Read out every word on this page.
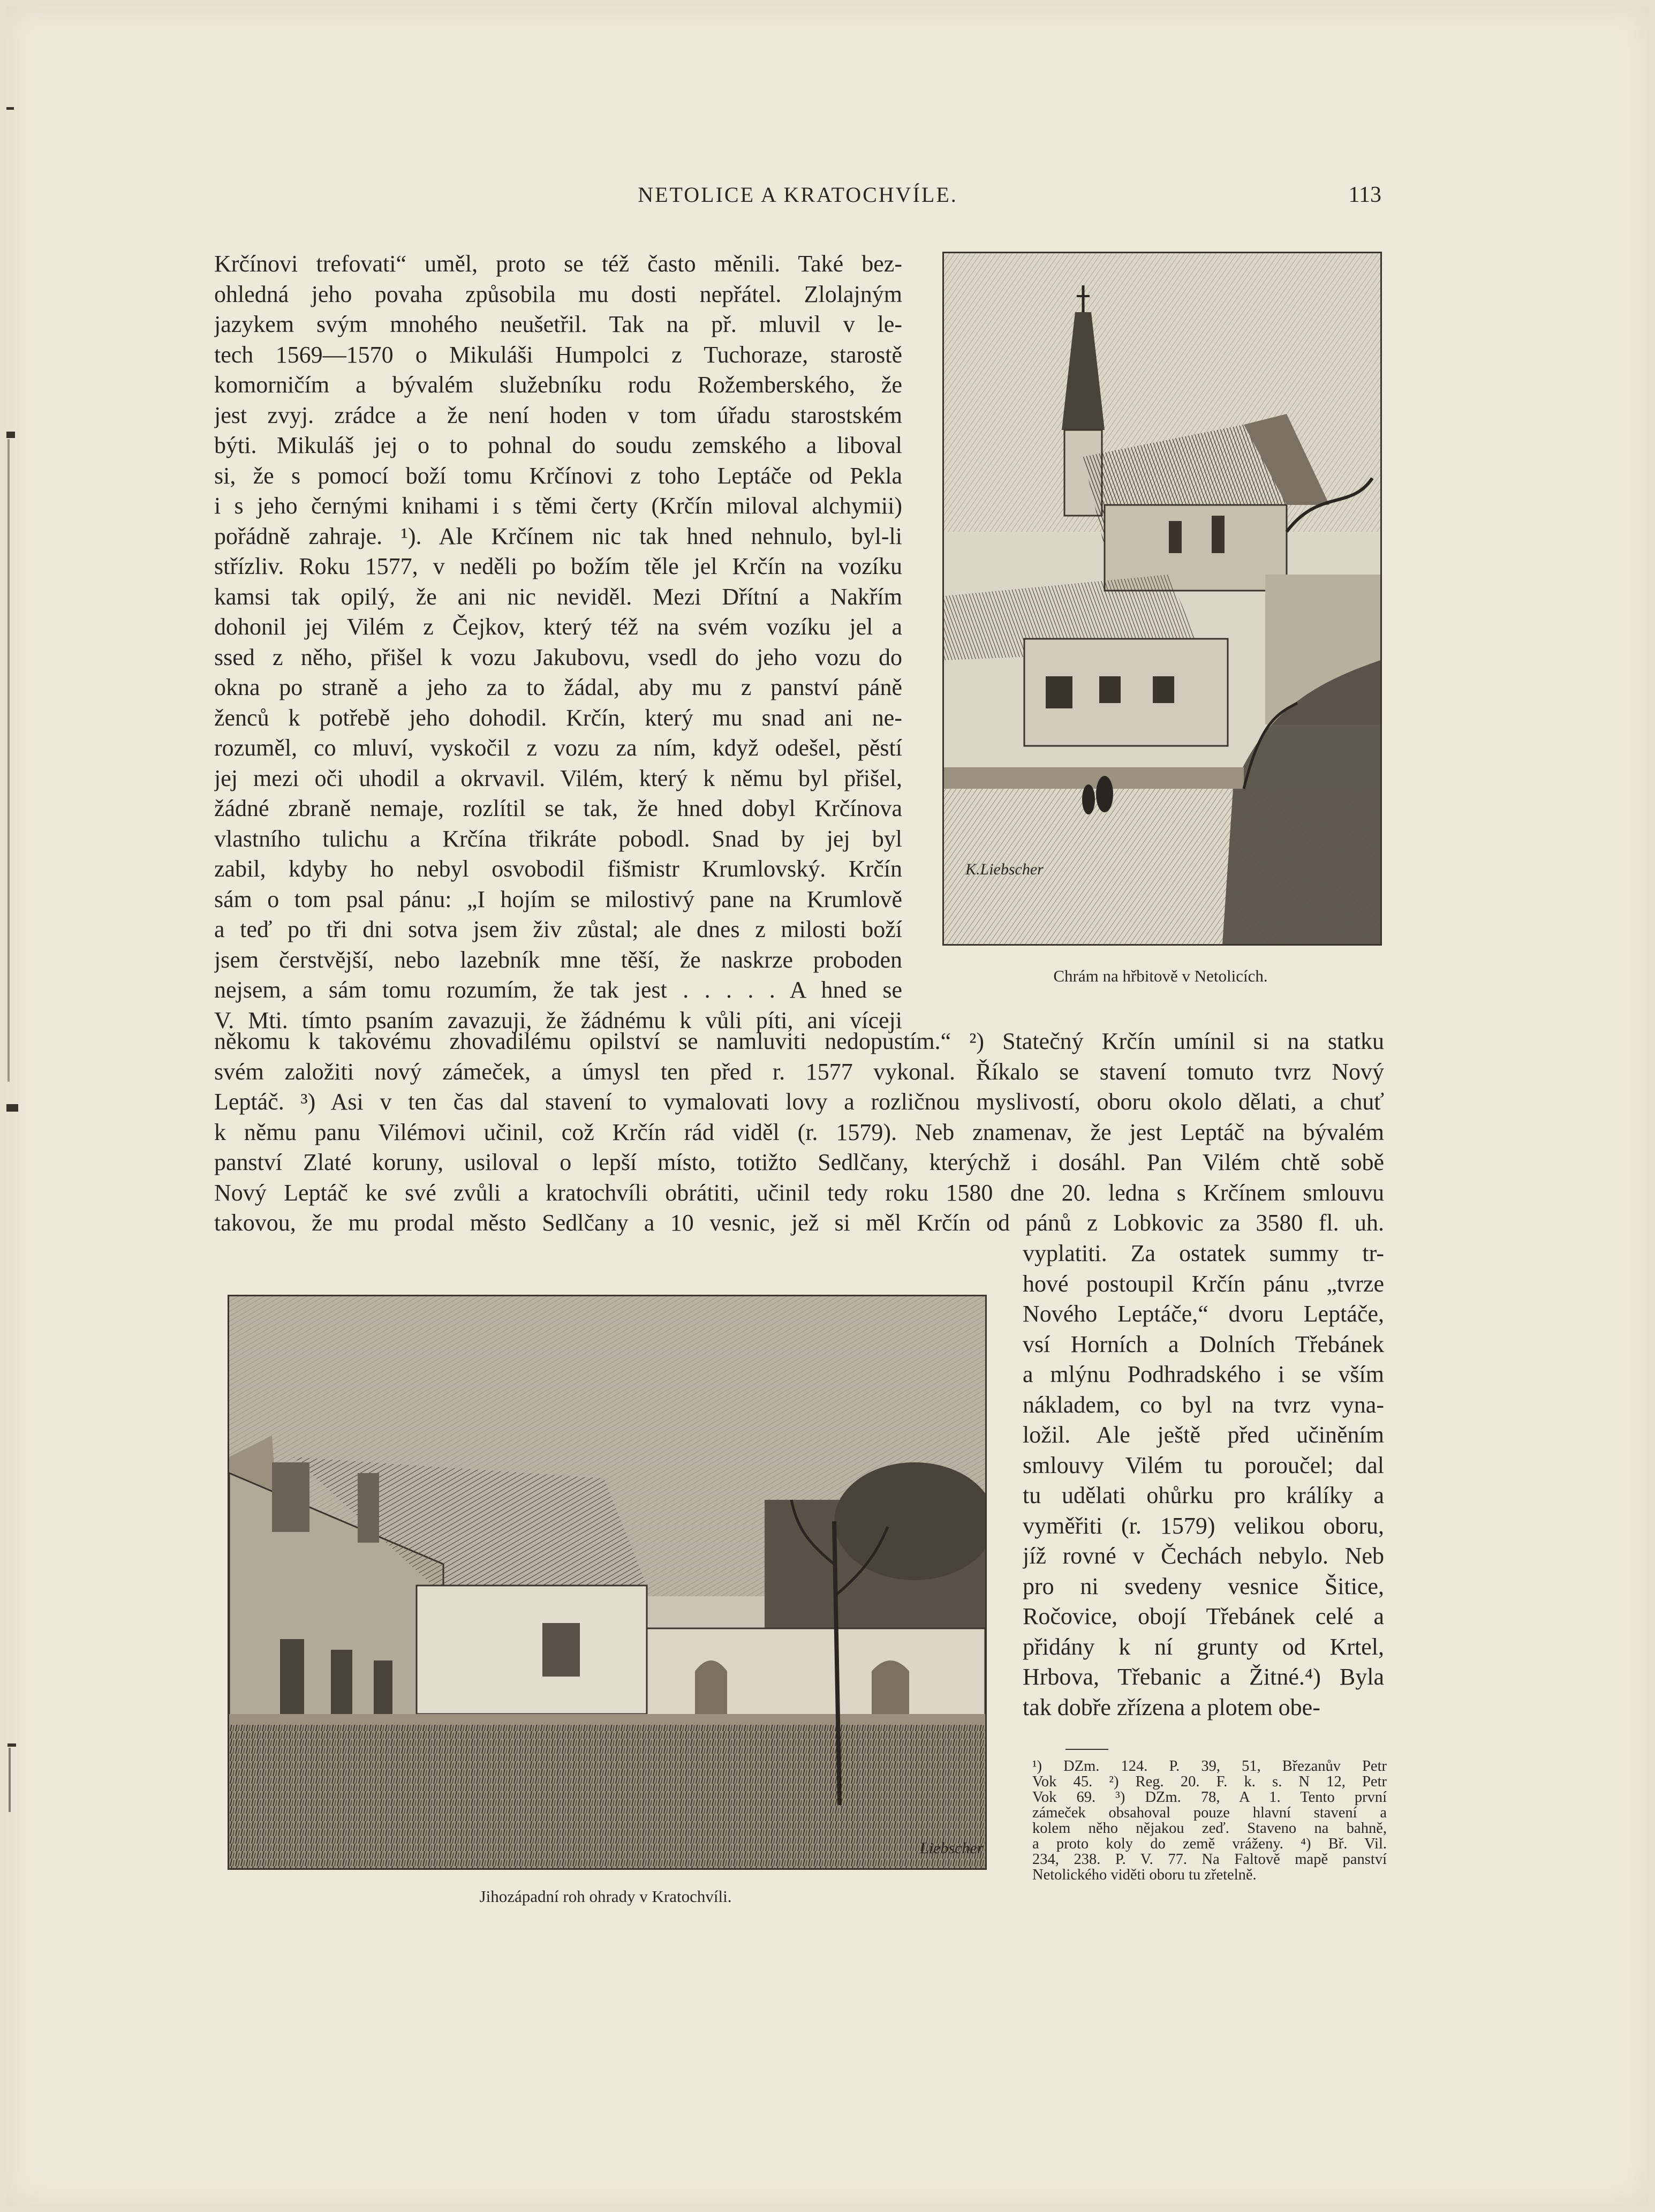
NETOLICE A KRATOCHVÍLE.	113
Krčínovi trefovati“ uměl, proto se též často měnili. Také bez-
ohledná jeho povaha způsobila mu dosti nepřátel. Zlolajným
jazykem svým mnohého neušetřil. Tak na př. mluvil v le-
tech 1569—1570 o Mikuláši Humpolci z Tuchoraze, starostě
komorničím a bývalém služebníku rodu Rožemberského, že
jest zvyj. zrádce a že není hoden v tom úřadu starostském
býti. Mikuláš jej o to pohnal do soudu zemského a liboval
si, že s pomocí boží tomu Krčínovi z toho Leptáče od Pekla
i s jeho černými knihami i s těmi čerty (Krčín miloval alchymii)
pořádně zahraje. ¹). Ale Krčínem nic tak hned nehnulo, byl-li
střízliv. Roku 1577, v neděli po božím těle jel Krčín na vozíku
kamsi tak opilý, že ani nic neviděl. Mezi Dřítní a Nakřím
dohonil jej Vilém z Čejkov, který též na svém vozíku jel a
ssed z něho, přišel k vozu Jakubovu, vsedl do jeho vozu do
okna po straně a jeho za to žádal, aby mu z panství páně
ženců k potřebě jeho dohodil. Krčín, který mu snad ani ne-
rozuměl, co mluví, vyskočil z vozu za ním, když odešel, pěstí
jej mezi oči uhodil a okrvavil. Vilém, který k němu byl přišel,
žádné zbraně nemaje, rozlítil se tak, že hned dobyl Krčínova
vlastního tulichu a Krčína třikráte pobodl. Snad by jej byl
zabil, kdyby ho nebyl osvobodil fišmistr Krumlovský. Krčín
sám o tom psal pánu: „I hojím se milostivý pane na Krumlově
a teď po tři dni sotva jsem živ zůstal; ale dnes z milosti boží
jsem čerstvější, nebo lazebník mne těší, že naskrze proboden
nejsem, a sám tomu rozumím, že tak jest . . . . . A hned se
V. Mti. tímto psaním zavazuji, že žádnému k vůli píti, ani víceji
někomu k takovému zhovadilému opilství se namluviti nedopustím.“ ²) Statečný Krčín umínil si na statku
svém založiti nový zámeček, a úmysl ten před r. 1577 vykonal. Říkalo se stavení tomuto tvrz Nový
Leptáč. ³) Asi v ten čas dal stavení to vymalovati lovy a rozličnou myslivostí, oboru okolo dělati, a chuť
k němu panu Vilémovi učinil, což Krčín rád viděl (r. 1579). Neb znamenav, že jest Leptáč na bývalém
panství Zlaté koruny, usiloval o lepší místo, totižto Sedlčany, kterýchž i dosáhl. Pan Vilém chtě sobě
Nový Leptáč ke své zvůli a kratochvíli obrátiti, učinil tedy roku 1580 dne 20. ledna s Krčínem smlouvu
takovou, že mu prodal město Sedlčany a 10 vesnic, jež si měl Krčín od pánů z Lobkovic za 3580 fl. uh.
vyplatiti. Za ostatek summy tr-
hové postoupil Krčín pánu „tvrze
Nového Leptáče,“ dvoru Leptáče,
vsí Horních a Dolních Třebánek
a mlýnu Podhradského i se vším
nákladem, co byl na tvrz vyna-
ložil. Ale ještě před učiněním
smlouvy Vilém tu poroučel; dal
tu udělati ohůrku pro králíky a
vyměřiti (r. 1579) velikou oboru,
jíž rovné v Čechách nebylo. Neb
pro ni svedeny vesnice Šitice,
Ročovice, obojí Třebánek celé a
přidány k ní grunty od Krtel,
Hrbova, Třebanic a Žitné.⁴) Byla
tak dobře zřízena a plotem obe-
K.Liebscher
Chrám na hřbitově v Netolicích.
Liebscher
Jihozápadní roh ohrady v Kratochvíli.
¹) DZm. 124. P. 39, 51, Březanův Petr
Vok 45. ²) Reg. 20. F. k. s. N 12, Petr
Vok 69. ³) DZm. 78, A 1. Tento první
zámeček obsahoval pouze hlavní stavení a
kolem něho nějakou zeď. Staveno na bahně,
a proto koly do země vráženy. ⁴) Bř. Vil.
234, 238. P. V. 77. Na Faltově mapě panství
Netolického viděti oboru tu zřetelně.
